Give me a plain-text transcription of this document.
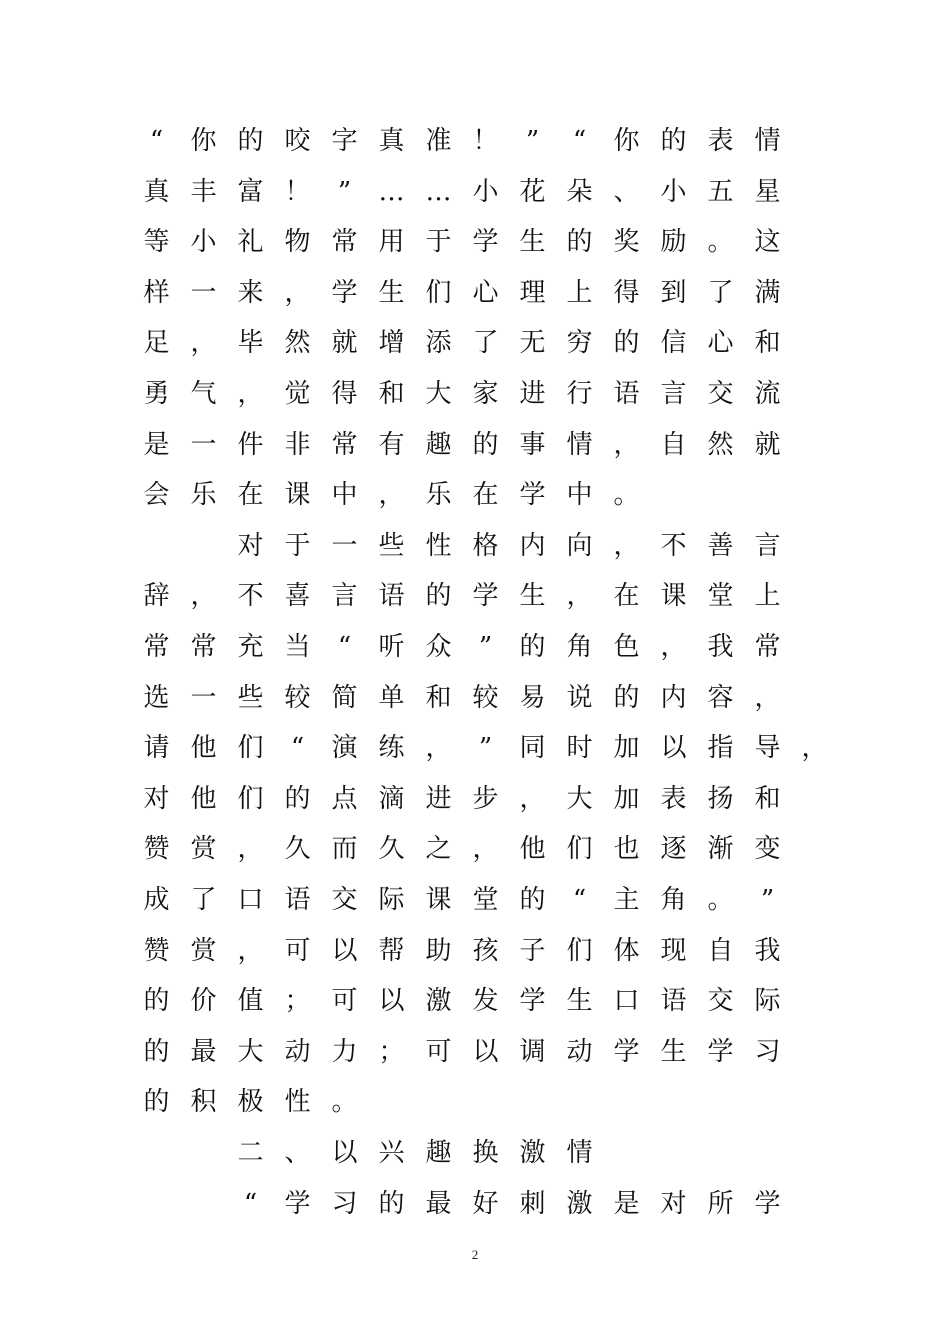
“ 你 的 咬 字 真 准 ！ ” “ 你 的 表 情
真 丰 富 ！ ” … … 小 花 朵 、 小 五 星
等 小 礼 物 常 用 于 学 生 的 奖 励 。 这
样 一 来 ， 学 生 们 心 理 上 得 到 了 满
足 ， 毕 然 就 增 添 了 无 穷 的 信 心 和
勇 气 ， 觉 得 和 大 家 进 行 语 言 交 流
是 一 件 非 常 有 趣 的 事 情 ， 自 然 就
会 乐 在 课 中 ， 乐 在 学 中 。
对 于 一 些 性 格 内 向 ， 不 善 言
辞 ， 不 喜 言 语 的 学 生 ， 在 课 堂 上
常 常 充 当 “ 听 众 ” 的 角 色 ， 我 常
选 一 些 较 简 单 和 较 易 说 的 内 容 ，
请 他 们 “ 演 练 ， ” 同 时 加 以 指 导 ，
对 他 们 的 点 滴 进 步 ， 大 加 表 扬 和
赞 赏 ， 久 而 久 之 ， 他 们 也 逐 渐 变
成 了 口 语 交 际 课 堂 的 “ 主 角 。 ”
赞 赏 ， 可 以 帮 助 孩 子 们 体 现 自 我
的 价 值 ； 可 以 激 发 学 生 口 语 交 际
的 最 大 动 力 ； 可 以 调 动 学 生 学 习
的 积 极 性 。
二 、 以 兴 趣 换 激 情
“ 学 习 的 最 好 刺 激 是 对 所 学
2
